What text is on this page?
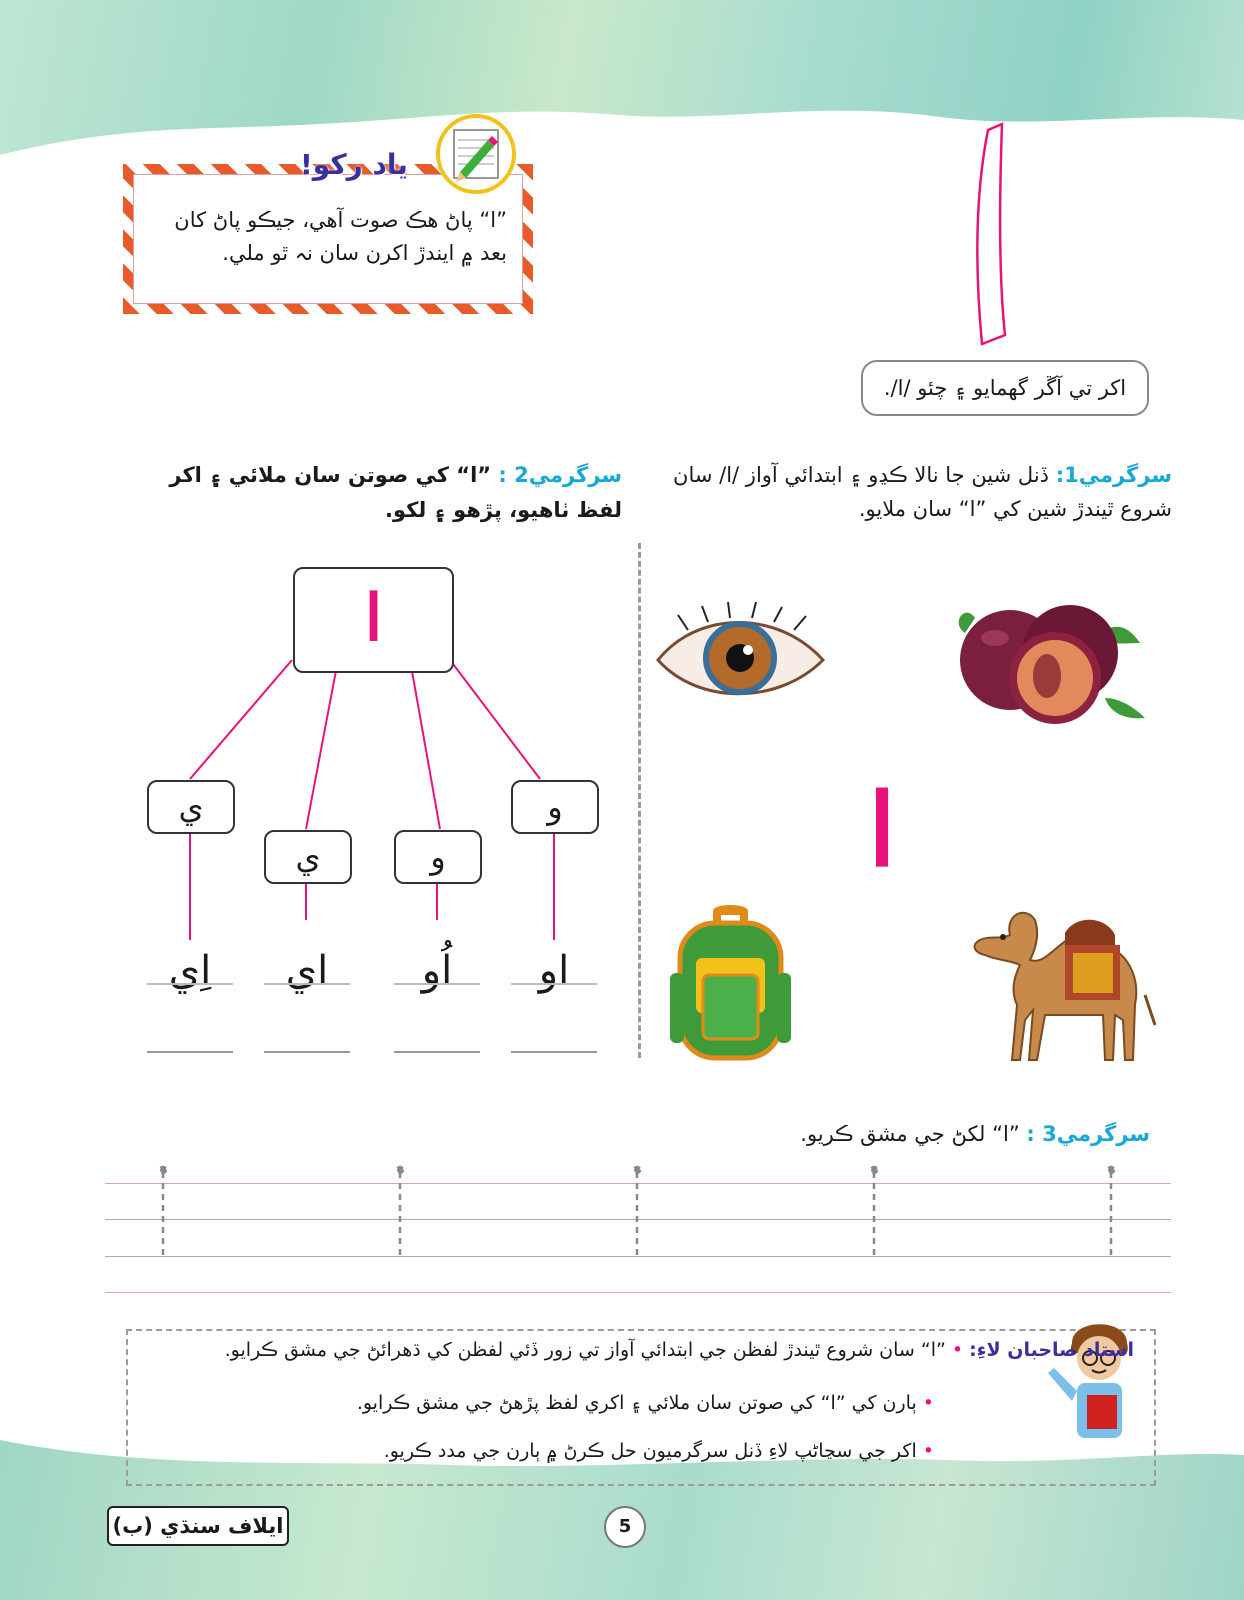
”ا“ پاڻ هڪ صوت آهي، جيڪو پاڻ کان بعد ۾ ايندڙ اکرن سان نہ ٿو ملي.
ياد رکو!
اکر تي آڱر گھمايو ۽ چئو /ا/.
سرگرمي1: ڏنل شين جا نالا ڪڍو ۽ ابتدائي آواز /ا/ سان شروع ٿيندڙ شين کي ”ا“ سان ملايو.
سرگرمي2 : ”ا“ کي صوتن سان ملائي ۽ اکر لفظ ٺاهيو، پڙهو ۽ لکو.
ا
ي
ي	و
و
اِي	اي	اُو	او
ا
سرگرمي3 : ”ا“ لکڻ جي مشق ڪريو.
استاد صاحبان لاءِ: • ”ا“ سان شروع ٿيندڙ لفظن جي ابتدائي آواز تي زور ڏئي لفظن کي ڌهرائڻ جي مشق ڪرايو.
• ٻارن کي ”ا“ کي صوتن سان ملائي ۽ اکري لفظ پڙهڻ جي مشق ڪرايو.
• اکر جي سڃاڻپ لاءِ ڏنل سرگرميون حل ڪرڻ ۾ ٻارن جي مدد ڪريو.
ايلاف سنڌي (ب)	5
